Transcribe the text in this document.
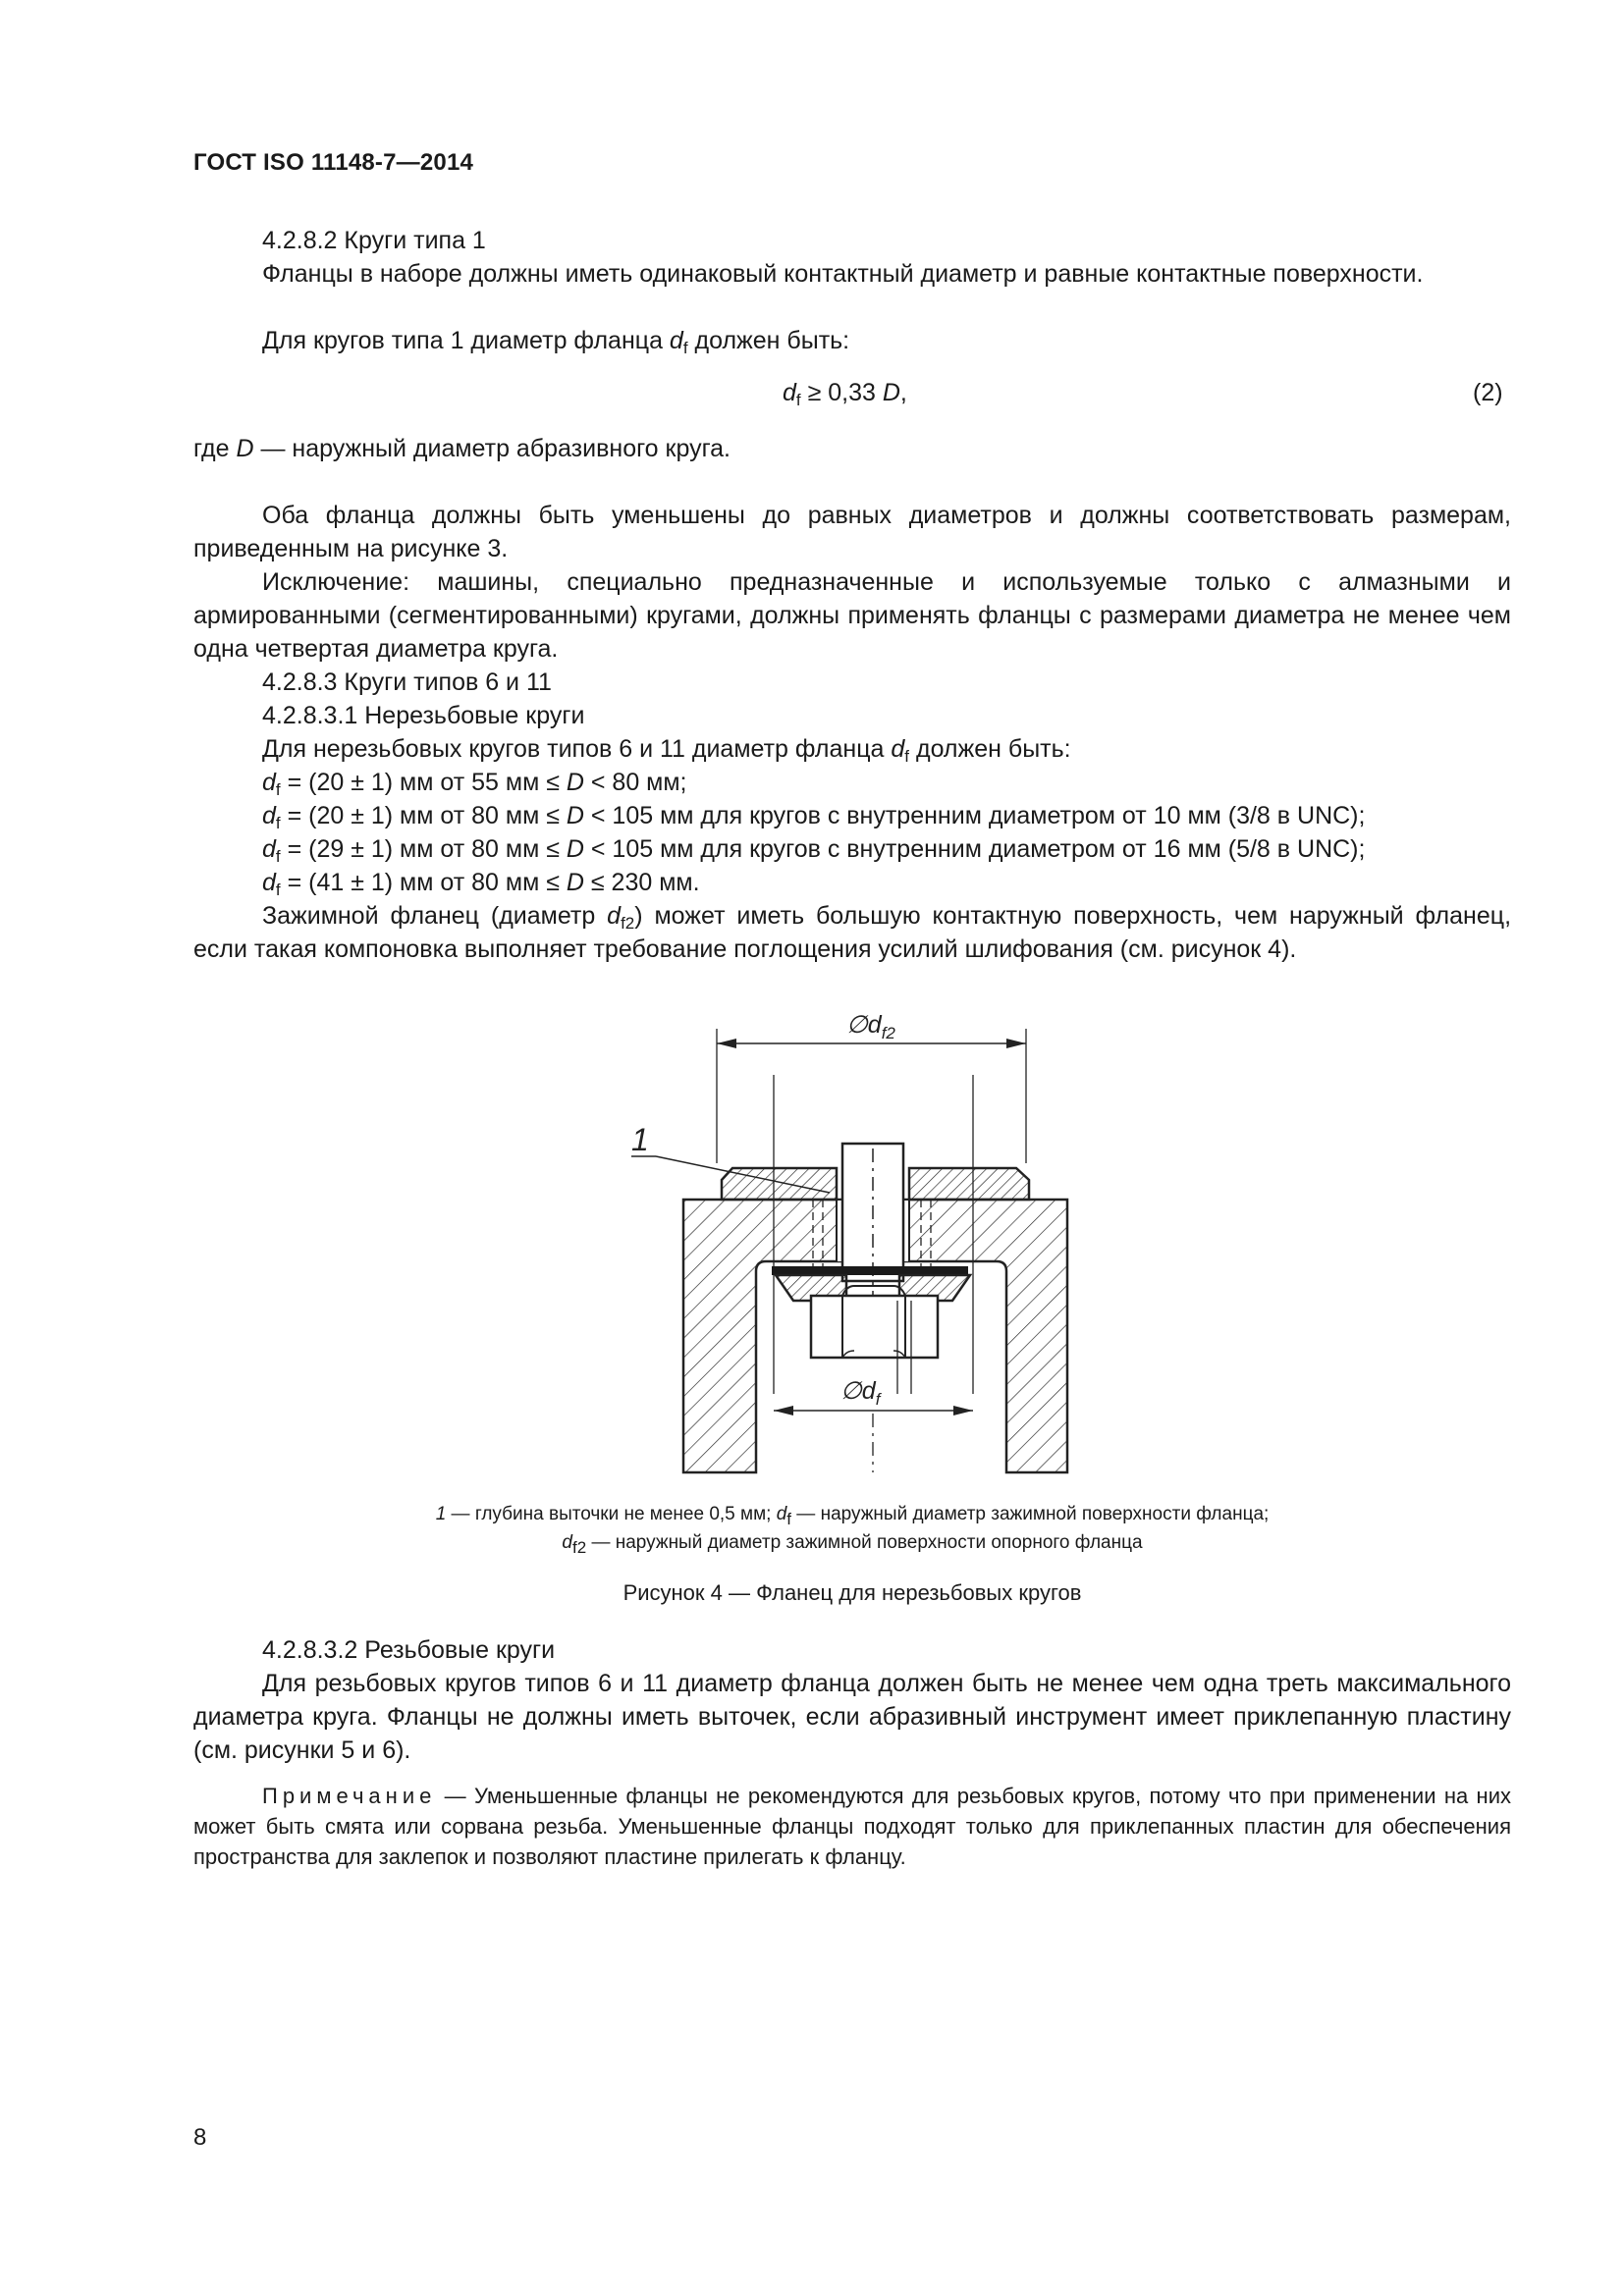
ГОСТ ISO 11148-7—2014

4.2.8.2 Круги типа 1

Фланцы в наборе должны иметь одинаковый контактный диаметр и равные контактные поверхности.

Для кругов типа 1 диаметр фланца $d_f$ должен быть:

$d_f \ge 0,33$ D,	(2)

где D — наружный диаметр абразивного круга.

Оба фланца должны быть уменьшены до равных диаметров и должны соответствовать размерам, приведенным на рисунке 3.

Исключение: машины, специально предназначенные и используемые только с алмазными и армированными (сегментированными) кругами, должны применять фланцы с размерами диаметра не менее чем одна четвертая диаметра круга.

4.2.8.3 Круги типов 6 и 11

4.2.8.3.1 Нерезьбовые круги

Для нерезьбовых кругов типов 6 и 11 диаметр фланца $d_f$ должен быть:

$d_f = (20 \pm 1)$ мм от 55 мм ≤ D < 80 мм;

$d_f = (20 \pm 1)$ мм от 80 мм ≤ D < 105 мм для кругов с внутренним диаметром от 10 мм (3/8 в UNC);

$d_f = (29 \pm 1)$ мм от 80 мм ≤ D < 105 мм для кругов с внутренним диаметром от 16 мм (5/8 в UNC);

$d_f = (41 \pm 1)$ мм от 80 мм ≤ D ≤ 230 мм.

Зажимной фланец (диаметр $d_{f2}$) может иметь большую контактную поверхность, чем наружный фланец, если такая компоновка выполняет требование поглощения усилий шлифования (см. рисунок 4).

$\emptyset d_{f2}$
$\emptyset d_f$
1
1 — глубина выточки не менее 0,5 мм; $d_f$ — наружный диаметр зажимной поверхности фланца;
$d_{f2}$ — наружный диаметр зажимной поверхности опорного фланца
Рисунок 4 — Фланец для нерезьбовых кругов

4.2.8.3.2 Резьбовые круги

Для резьбовых кругов типов 6 и 11 диаметр фланца должен быть не менее чем одна треть максимального диаметра круга. Фланцы не должны иметь выточек, если абразивный инструмент имеет приклепанную пластину (см. рисунки 5 и 6).

Примечание — Уменьшенные фланцы не рекомендуются для резьбовых кругов, потому что при применении на них может быть смята или сорвана резьба. Уменьшенные фланцы подходят только для приклепанных пластин для обеспечения пространства для заклепок и позволяют пластине прилегать к фланцу.

8
